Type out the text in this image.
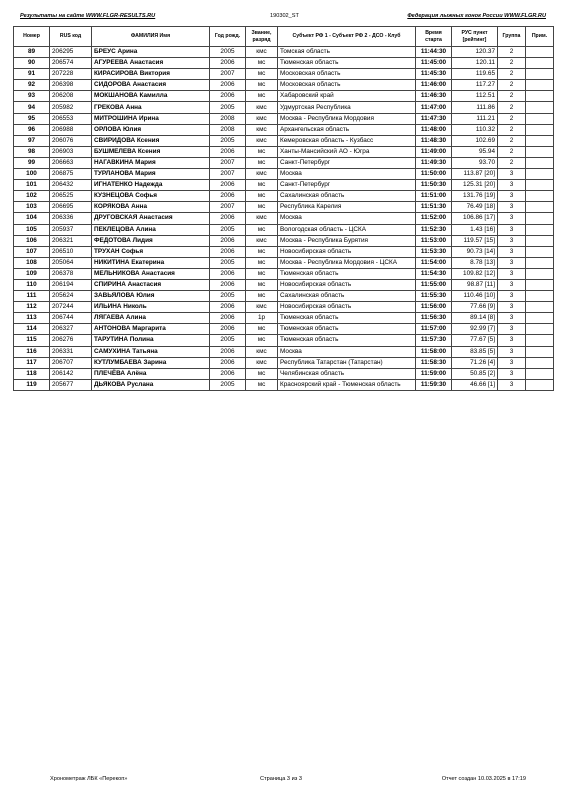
Результаты на сайте WWW.FLGR-RESULTS.RU	190302_ST	Федерация лыжных гонок России WWW.FLGR.RU
Номер	RUS код	ФАМИЛИЯ Имя	Год рожд.	Звание, разряд	Субъект РФ 1 - Субъект РФ 2 - ДСО - Клуб	Время старта	РУС пункт [рейтинг]	Группа	Прим.
89	206295	БРЕУС Арина	2005	кмс	Томская область	11:44:30	120.37	2	
90	206574	АГУРЕЕВА Анастасия	2006	мс	Тюменская область	11:45:00	120.11	2	
91	207228	КИРАСИРОВА Виктория	2007	мс	Московская область	11:45:30	119.65	2	
92	206398	СИДОРОВА Анастасия	2006	мс	Московская область	11:46:00	117.27	2	
93	206208	МОКШАНОВА Камилла	2006	мс	Хабаровский край	11:46:30	112.51	2	
94	205982	ГРЕКОВА Анна	2005	кмс	Удмуртская Республика	11:47:00	111.86	2	
95	206553	МИТРОШИНА Ирина	2008	кмс	Москва - Республика Мордовия	11:47:30	111.21	2	
96	206988	ОРЛОВА Юлия	2008	кмс	Архангельская область	11:48:00	110.32	2	
97	206076	СВИРИДОВА Ксения	2005	кмс	Кемеровская область - Кузбасс	11:48:30	102.69	2	
98	206903	БУШМЕЛЕВА Ксения	2006	мс	Ханты-Мансийский АО - Югра	11:49:00	95.94	2	
99	206663	НАГАВКИНА Мария	2007	мс	Санкт-Петербург	11:49:30	93.70	2	
100	206875	ТУРЛАНОВА Мария	2007	кмс	Москва	11:50:00	113.87 [20]	3	
101	206432	ИГНАТЕНКО Надежда	2006	мс	Санкт-Петербург	11:50:30	125.31 [20]	3	
102	206525	КУЗНЕЦОВА Софья	2006	мс	Сахалинская область	11:51:00	131.76 [19]	3	
103	206695	КОРЯКОВА Анна	2007	мс	Республика Карелия	11:51:30	76.49 [18]	3	
104	206336	ДРУГОВСКАЯ Анастасия	2006	кмс	Москва	11:52:00	106.86 [17]	3	
105	205937	ПЕКЛЕЦОВА Алина	2005	мс	Вологодская область - ЦСКА	11:52:30	1.43 [16]	3	
106	206321	ФЕДОТОВА Лидия	2006	кмс	Москва - Республика Бурятия	11:53:00	119.57 [15]	3	
107	206510	ТРУХАН Софья	2006	мс	Новосибирская область	11:53:30	90.73 [14]	3	
108	205064	НИКИТИНА Екатерина	2005	мс	Москва - Республика Мордовия - ЦСКА	11:54:00	8.78 [13]	3	
109	206378	МЕЛЬНИКОВА Анастасия	2006	мс	Тюменская область	11:54:30	109.82 [12]	3	
110	206194	СПИРИНА Анастасия	2006	мс	Новосибирская область	11:55:00	98.87 [11]	3	
111	205624	ЗАВЬЯЛОВА Юлия	2005	мс	Сахалинская область	11:55:30	110.46 [10]	3	
112	207244	ИЛЬИНА Николь	2006	кмс	Новосибирская область	11:56:00	77.66 [9]	3	
113	206744	ЛЯГАЕВА Алина	2006	1р	Тюменская область	11:56:30	89.14 [8]	3	
114	206327	АНТОНОВА Маргарита	2006	мс	Тюменская область	11:57:00	92.99 [7]	3	
115	206276	ТАРУТИНА Полина	2005	мс	Тюменская область	11:57:30	77.67 [5]	3	
116	206331	САМУХИНА Татьяна	2006	кмс	Москва	11:58:00	83.85 [5]	3	
117	206707	КУТЛУМБАЕВА Зарина	2006	кмс	Республика Татарстан (Татарстан)	11:58:30	71.26 [4]	3	
118	206142	ПЛЕЧЁВА Алёна	2006	мс	Челябинская область	11:59:00	50.85 [2]	3	
119	205677	ДЬЯКОВА Руслана	2005	мс	Красноярский край - Тюменская область	11:59:30	46.66 [1]	3	
Хронометраж ЛБК «Перекоп»	Страница 3 из 3	Отчет создан 10.03.2025 в 17:19
